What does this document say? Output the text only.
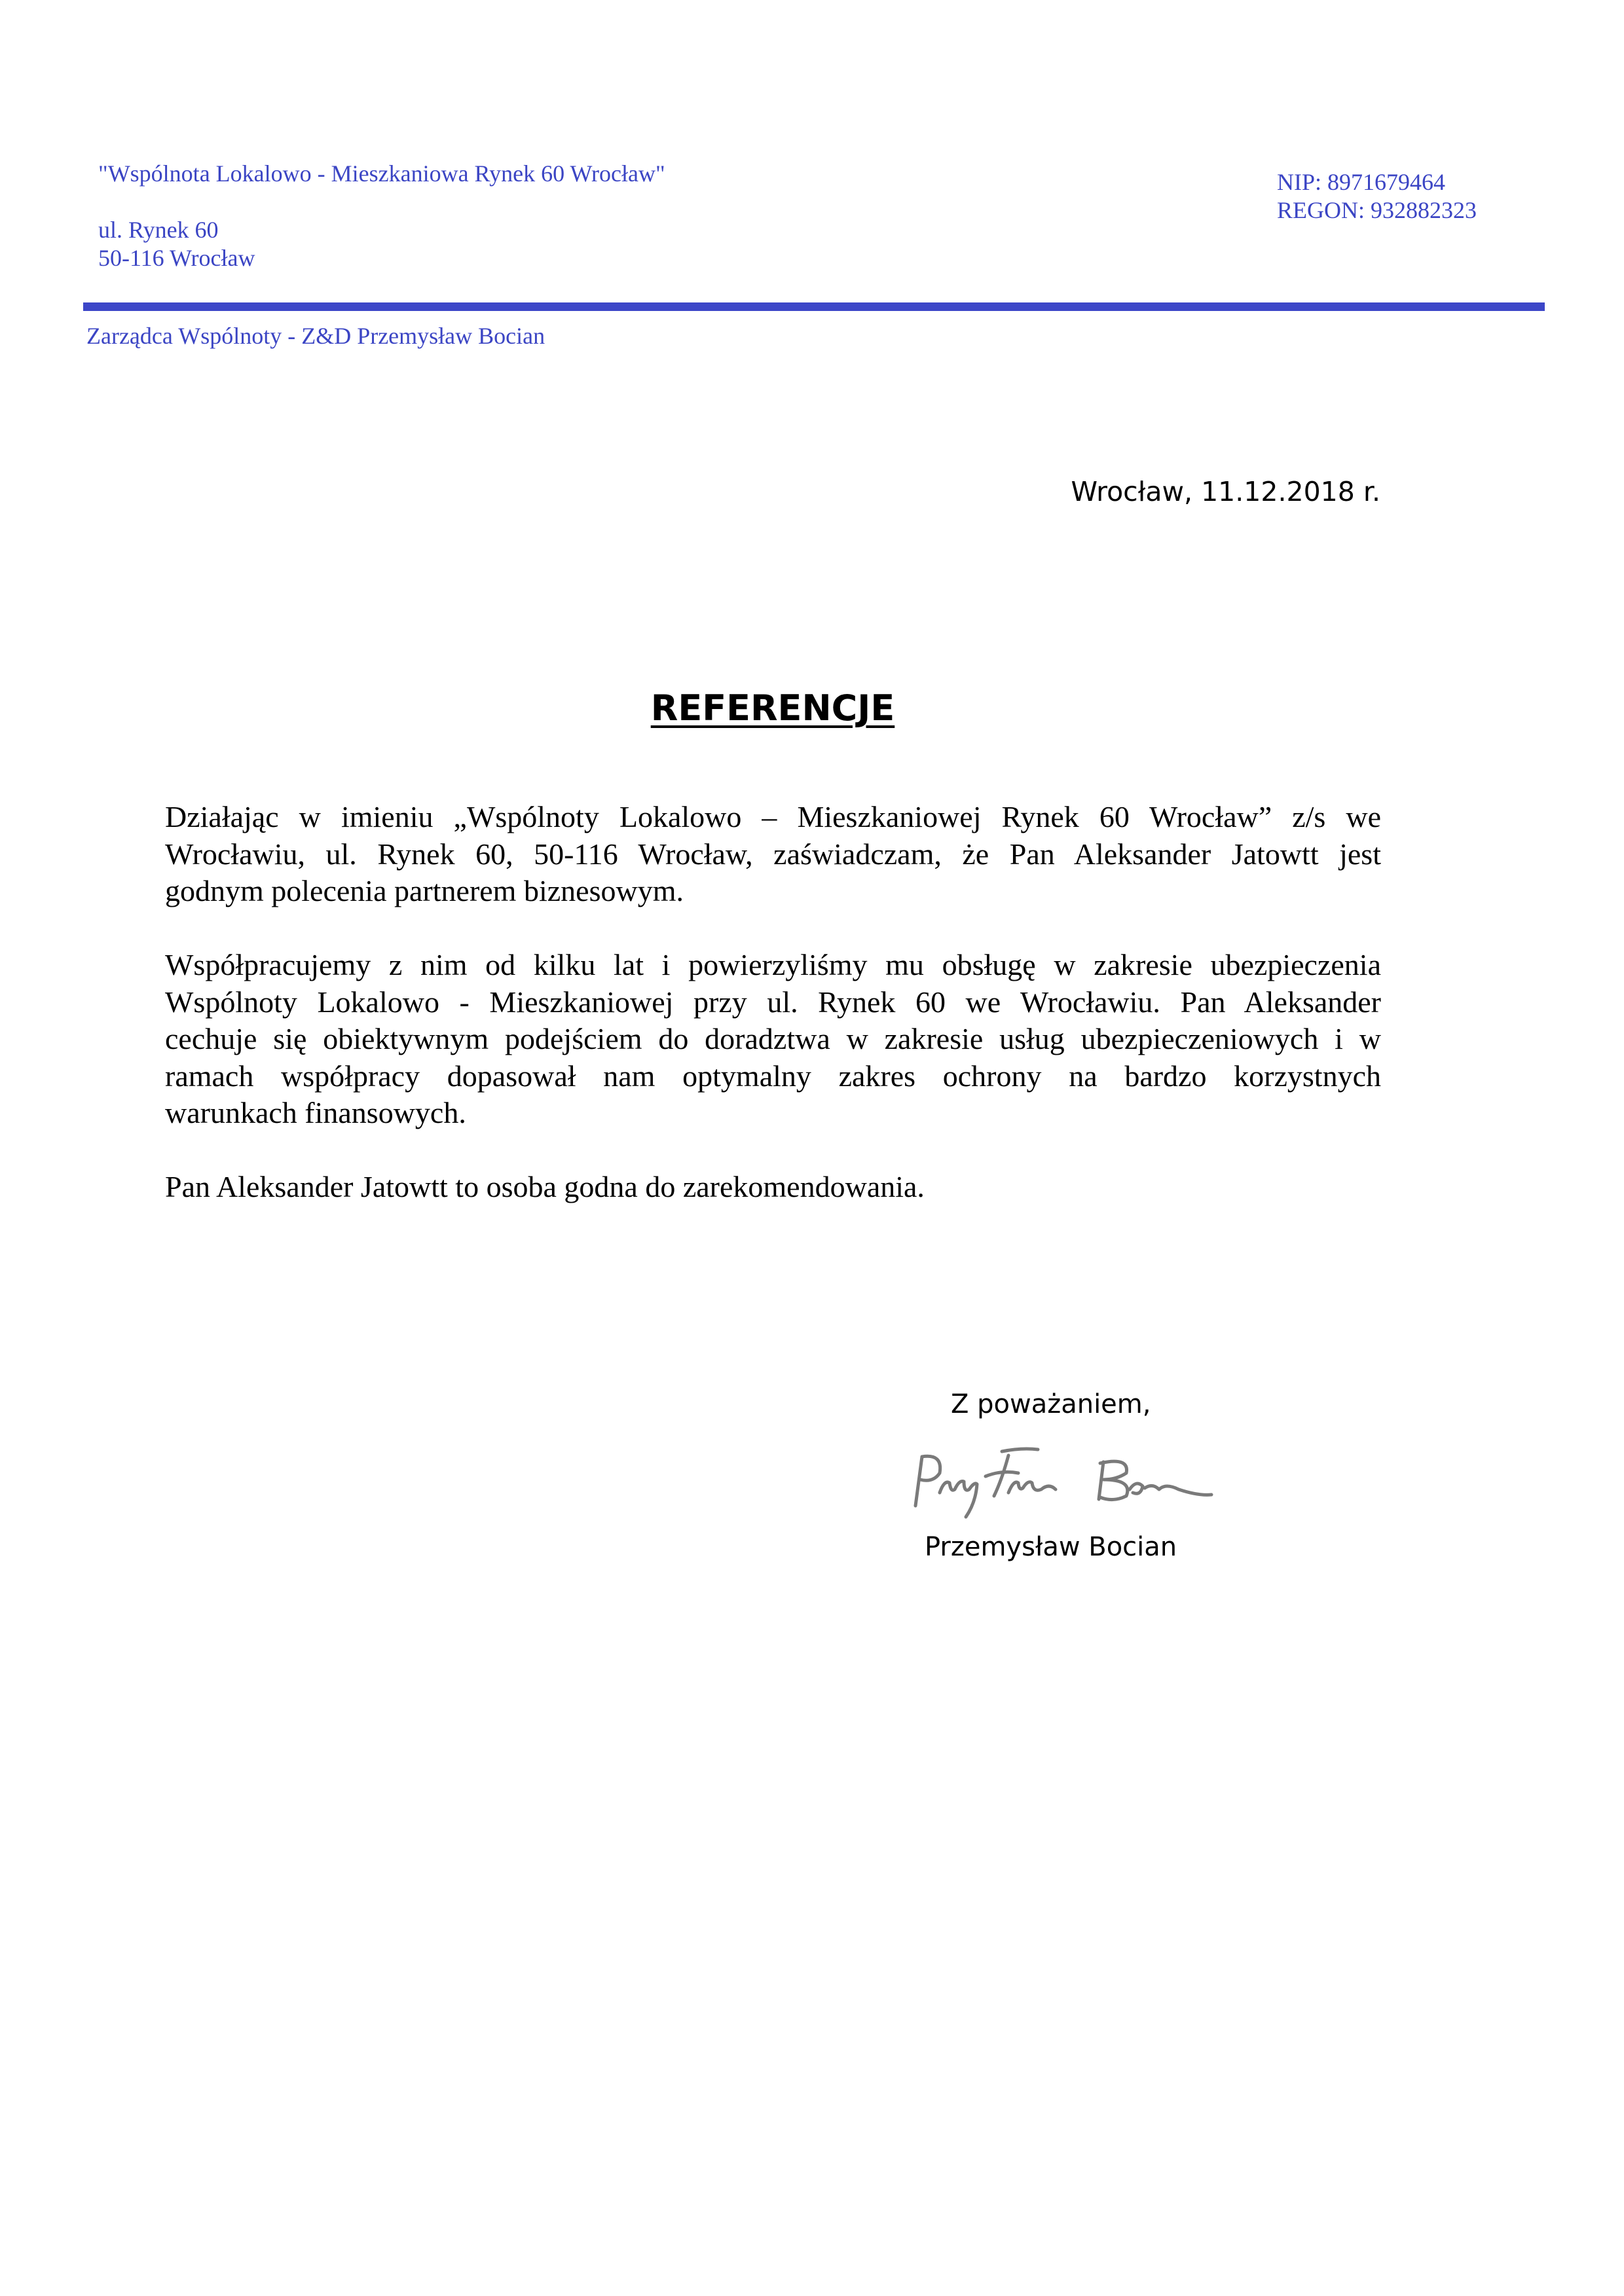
"Wspólnota Lokalowo - Mieszkaniowa Rynek 60 Wrocław"
ul. Rynek 60
50-116 Wrocław
NIP: 8971679464
REGON: 932882323
Zarządca Wspólnoty - Z&D Przemysław Bocian
Wrocław, 11.12.2018 r.
REFERENCJE

Działając w imieniu „Wspólnoty Lokalowo – Mieszkaniowej Rynek 60 Wrocław” z/s we
Wrocławiu, ul. Rynek 60, 50-116 Wrocław, zaświadczam, że Pan Aleksander Jatowtt jest
godnym polecenia partnerem biznesowym.

Współpracujemy z nim od kilku lat i powierzyliśmy mu obsługę w zakresie ubezpieczenia
Wspólnoty Lokalowo - Mieszkaniowej przy ul. Rynek 60 we Wrocławiu. Pan Aleksander
cechuje się obiektywnym podejściem do doradztwa w zakresie usług ubezpieczeniowych i w
ramach współpracy dopasował nam optymalny zakres ochrony na bardzo korzystnych
warunkach finansowych.

Pan Aleksander Jatowtt to osoba godna do zarekomendowania.

Z poważaniem,
Przemysław Bocian
